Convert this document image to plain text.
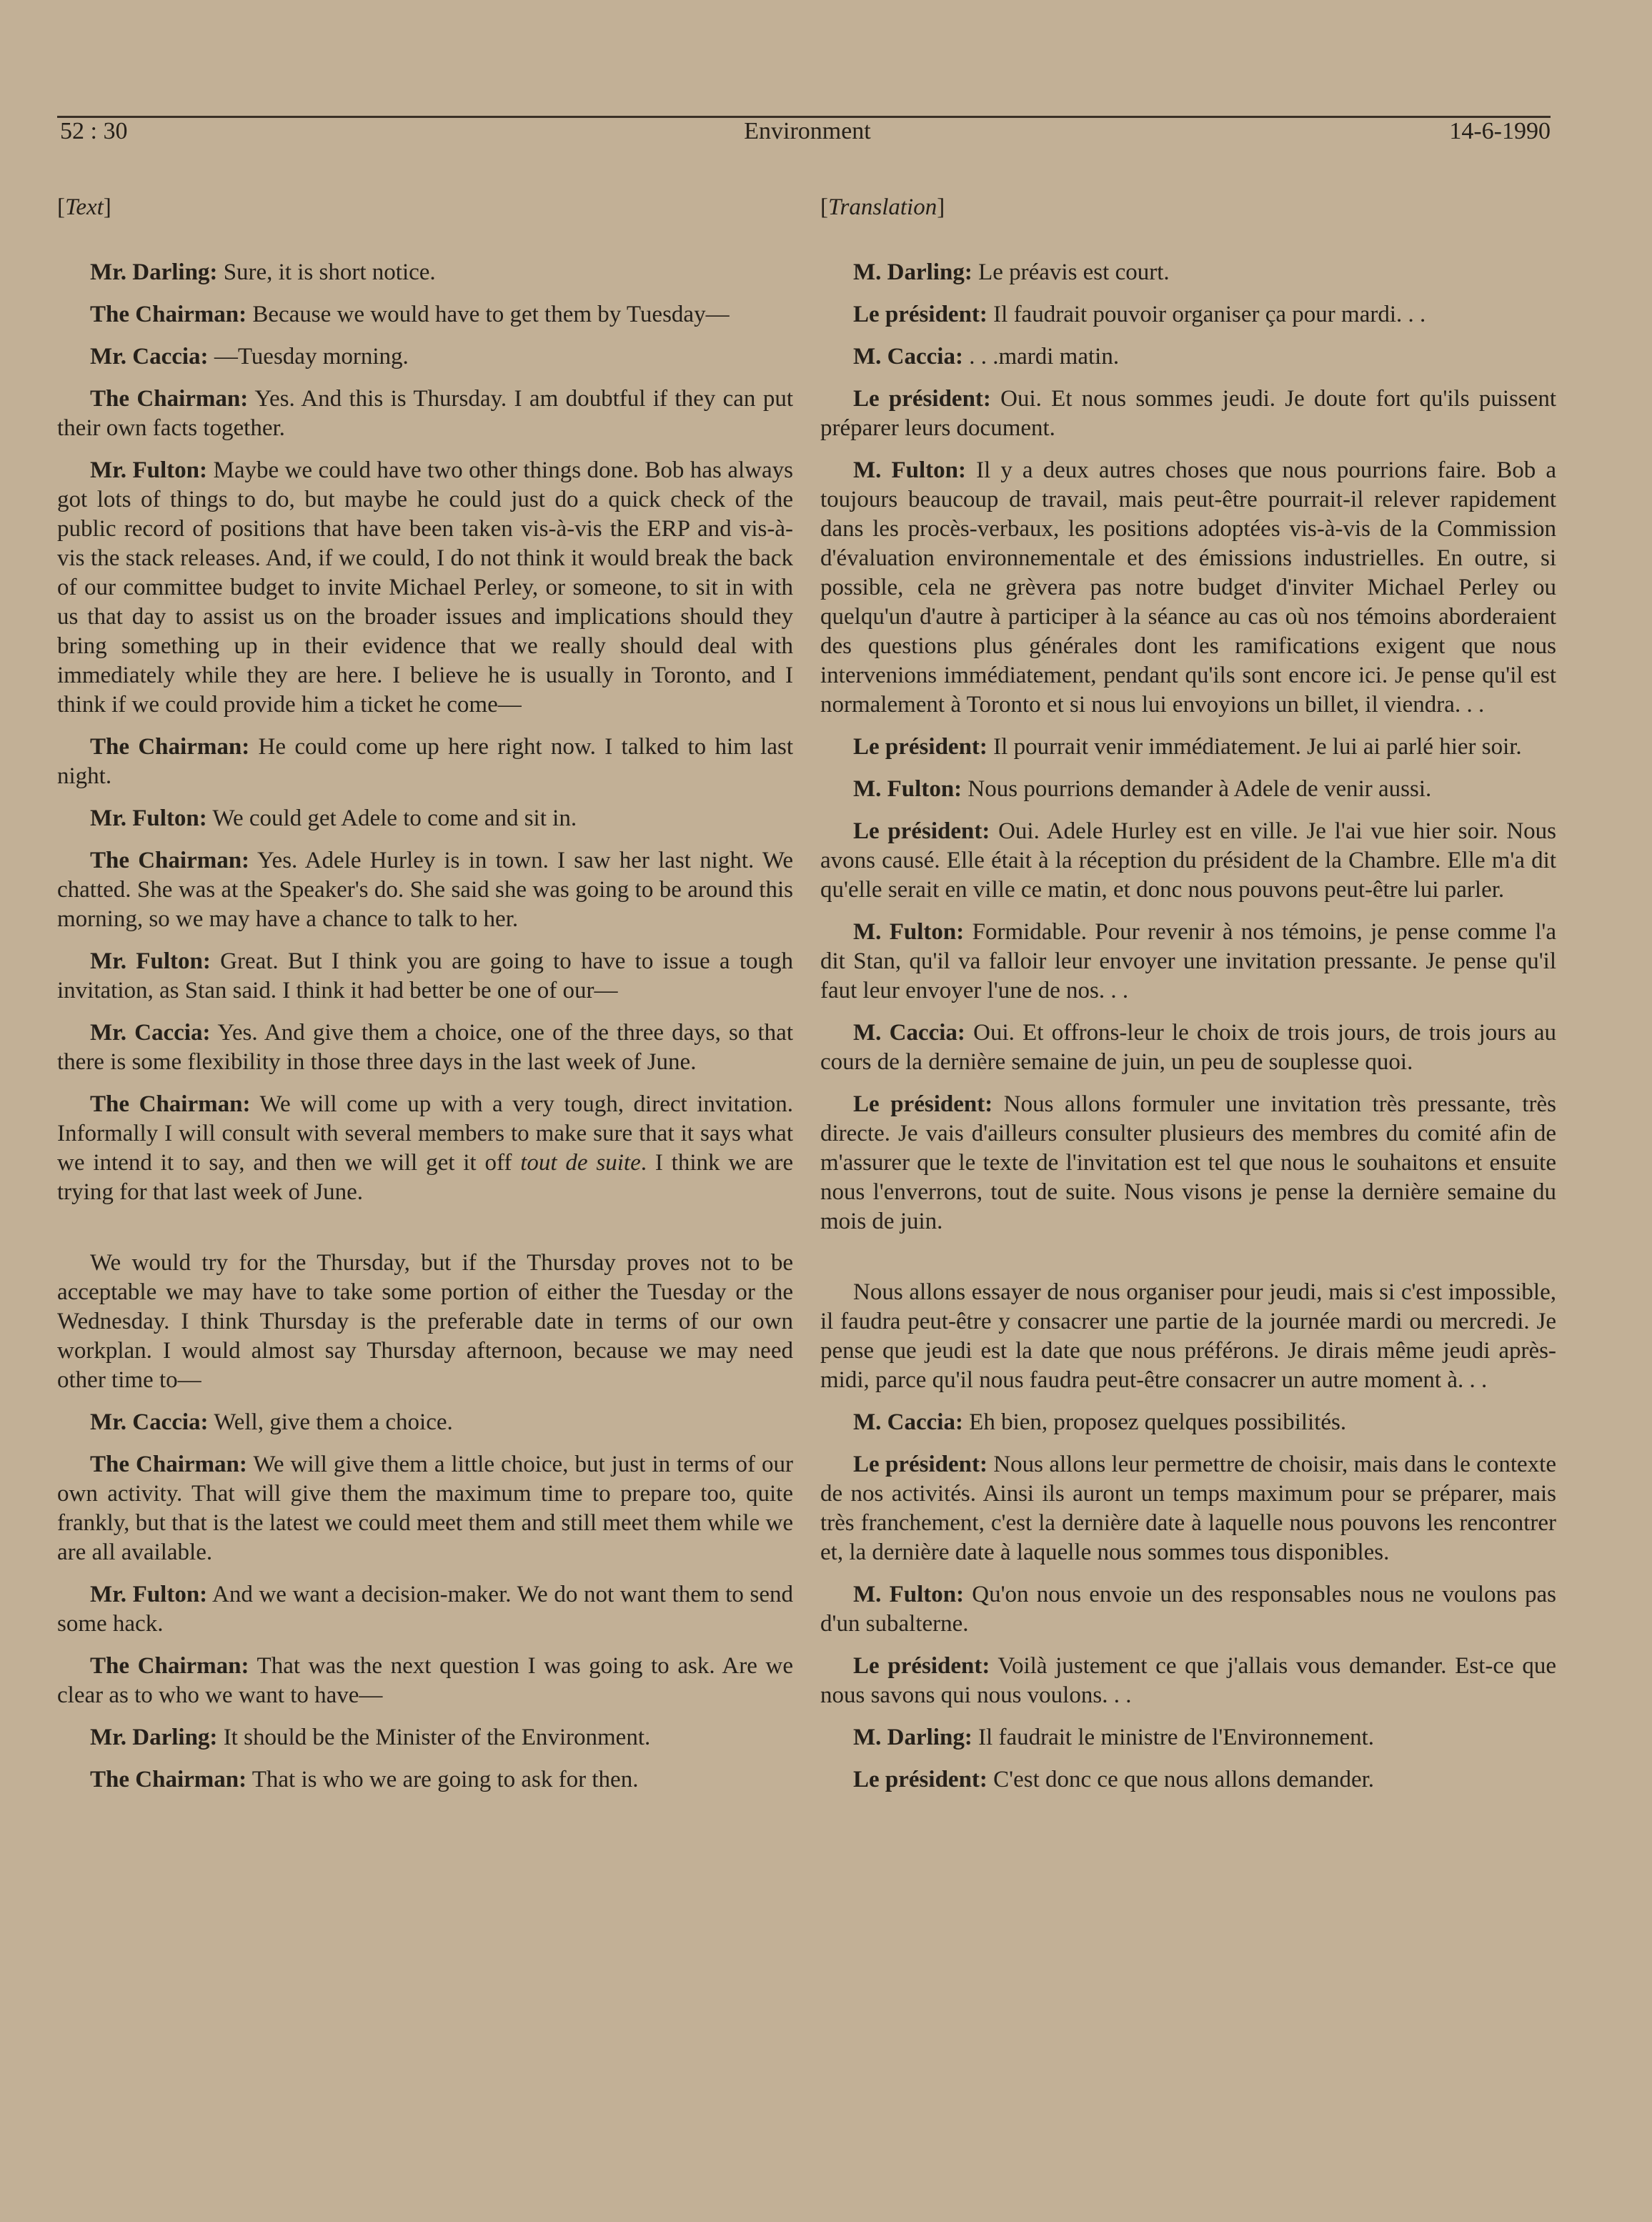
52 : 30	Environment	14-6-1990
[Text]

Mr. Darling: Sure, it is short notice.

The Chairman: Because we would have to get them by Tuesday—

Mr. Caccia: —Tuesday morning.

The Chairman: Yes. And this is Thursday. I am doubtful if they can put their own facts together.

Mr. Fulton: Maybe we could have two other things done. Bob has always got lots of things to do, but maybe he could just do a quick check of the public record of positions that have been taken vis-à-vis the ERP and vis-à-vis the stack releases. And, if we could, I do not think it would break the back of our committee budget to invite Michael Perley, or someone, to sit in with us that day to assist us on the broader issues and implications should they bring something up in their evidence that we really should deal with immediately while they are here. I believe he is usually in Toronto, and I think if we could provide him a ticket he come—

The Chairman: He could come up here right now. I talked to him last night.

Mr. Fulton: We could get Adele to come and sit in.

The Chairman: Yes. Adele Hurley is in town. I saw her last night. We chatted. She was at the Speaker's do. She said she was going to be around this morning, so we may have a chance to talk to her.

Mr. Fulton: Great. But I think you are going to have to issue a tough invitation, as Stan said. I think it had better be one of our—

Mr. Caccia: Yes. And give them a choice, one of the three days, so that there is some flexibility in those three days in the last week of June.

The Chairman: We will come up with a very tough, direct invitation. Informally I will consult with several members to make sure that it says what we intend it to say, and then we will get it off tout de suite. I think we are trying for that last week of June.

We would try for the Thursday, but if the Thursday proves not to be acceptable we may have to take some portion of either the Tuesday or the Wednesday. I think Thursday is the preferable date in terms of our own workplan. I would almost say Thursday afternoon, because we may need other time to—

Mr. Caccia: Well, give them a choice.

The Chairman: We will give them a little choice, but just in terms of our own activity. That will give them the maximum time to prepare too, quite frankly, but that is the latest we could meet them and still meet them while we are all available.

Mr. Fulton: And we want a decision-maker. We do not want them to send some hack.

The Chairman: That was the next question I was going to ask. Are we clear as to who we want to have—

Mr. Darling: It should be the Minister of the Environment.

The Chairman: That is who we are going to ask for then.

[Translation]

M. Darling: Le préavis est court.

Le président: Il faudrait pouvoir organiser ça pour mardi. . .

M. Caccia: . . .mardi matin.

Le président: Oui. Et nous sommes jeudi. Je doute fort qu'ils puissent préparer leurs document.

M. Fulton: Il y a deux autres choses que nous pourrions faire. Bob a toujours beaucoup de travail, mais peut-être pourrait-il relever rapidement dans les procès-verbaux, les positions adoptées vis-à-vis de la Commission d'évaluation environnementale et des émissions industrielles. En outre, si possible, cela ne grèvera pas notre budget d'inviter Michael Perley ou quelqu'un d'autre à participer à la séance au cas où nos témoins aborderaient des questions plus générales dont les ramifications exigent que nous intervenions immédiatement, pendant qu'ils sont encore ici. Je pense qu'il est normalement à Toronto et si nous lui envoyions un billet, il viendra. . .

Le président: Il pourrait venir immédiatement. Je lui ai parlé hier soir.

M. Fulton: Nous pourrions demander à Adele de venir aussi.

Le président: Oui. Adele Hurley est en ville. Je l'ai vue hier soir. Nous avons causé. Elle était à la réception du président de la Chambre. Elle m'a dit qu'elle serait en ville ce matin, et donc nous pouvons peut-être lui parler.

M. Fulton: Formidable. Pour revenir à nos témoins, je pense comme l'a dit Stan, qu'il va falloir leur envoyer une invitation pressante. Je pense qu'il faut leur envoyer l'une de nos. . .

M. Caccia: Oui. Et offrons-leur le choix de trois jours, de trois jours au cours de la dernière semaine de juin, un peu de souplesse quoi.

Le président: Nous allons formuler une invitation très pressante, très directe. Je vais d'ailleurs consulter plusieurs des membres du comité afin de m'assurer que le texte de l'invitation est tel que nous le souhaitons et ensuite nous l'enverrons, tout de suite. Nous visons je pense la dernière semaine du mois de juin.

Nous allons essayer de nous organiser pour jeudi, mais si c'est impossible, il faudra peut-être y consacrer une partie de la journée mardi ou mercredi. Je pense que jeudi est la date que nous préférons. Je dirais même jeudi après-midi, parce qu'il nous faudra peut-être consacrer un autre moment à. . .

M. Caccia: Eh bien, proposez quelques possibilités.

Le président: Nous allons leur permettre de choisir, mais dans le contexte de nos activités. Ainsi ils auront un temps maximum pour se préparer, mais très franchement, c'est la dernière date à laquelle nous pouvons les rencontrer et, la dernière date à laquelle nous sommes tous disponibles.

M. Fulton: Qu'on nous envoie un des responsables nous ne voulons pas d'un subalterne.

Le président: Voilà justement ce que j'allais vous demander. Est-ce que nous savons qui nous voulons. . .

M. Darling: Il faudrait le ministre de l'Environnement.

Le président: C'est donc ce que nous allons demander.
